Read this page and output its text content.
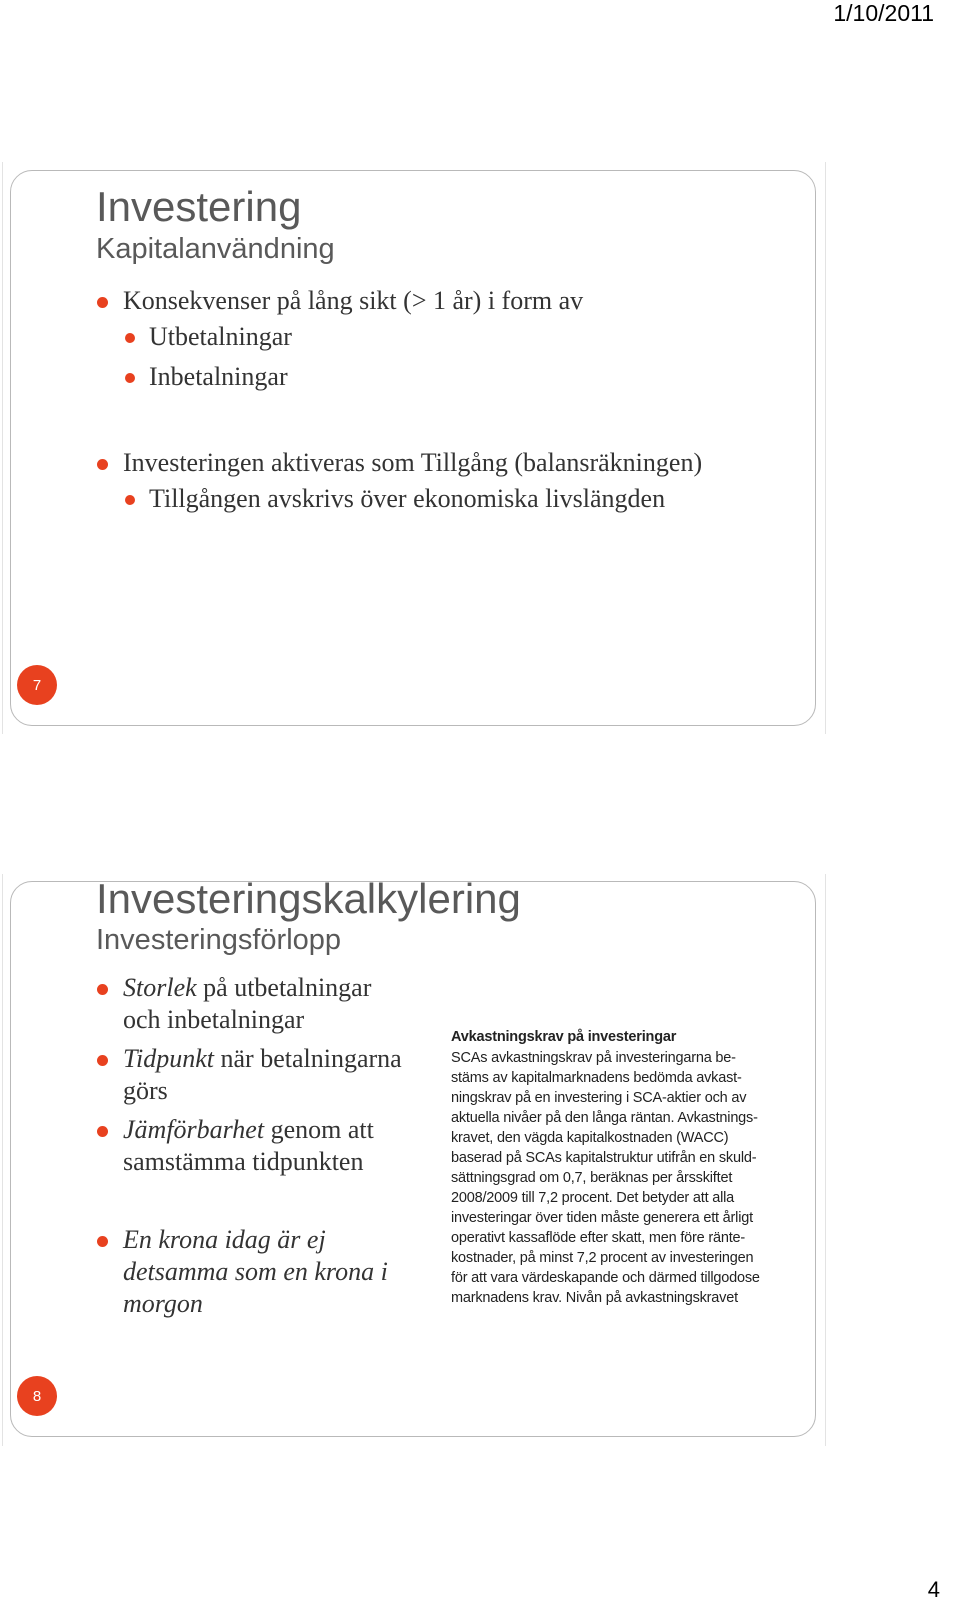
1/10/2011
Investering
Kapitalanvändning
Konsekvenser på lång sikt (> 1 år) i form av
Utbetalningar
Inbetalningar
Investeringen aktiveras som Tillgång (balansräkningen)
Tillgången avskrivs över ekonomiska livslängden
7
Investeringskalkylering
Investeringsförlopp
Storlek på utbetalningar
och inbetalningar
Tidpunkt när betalningarna
görs
Jämförbarhet genom att
samstämma tidpunkten
En krona idag är ej
detsamma som en krona i
morgon
Avkastningskrav på investeringar
SCAs avkastningskrav på investeringarna be-
stäms av kapitalmarknadens bedömda avkast-
ningskrav på en investering i SCA-aktier och av
aktuella nivåer på den långa räntan. Avkastnings-
kravet, den vägda kapitalkostnaden (WACC)
baserad på SCAs kapitalstruktur utifrån en skuld-
sättningsgrad om 0,7, beräknas per årsskiftet
2008/2009 till 7,2 procent. Det betyder att alla
investeringar över tiden måste generera ett årligt
operativt kassaflöde efter skatt, men före ränte-
kostnader, på minst 7,2 procent av investeringen
för att vara värdeskapande och därmed tillgodose
marknadens krav. Nivån på avkastningskravet
8
4
